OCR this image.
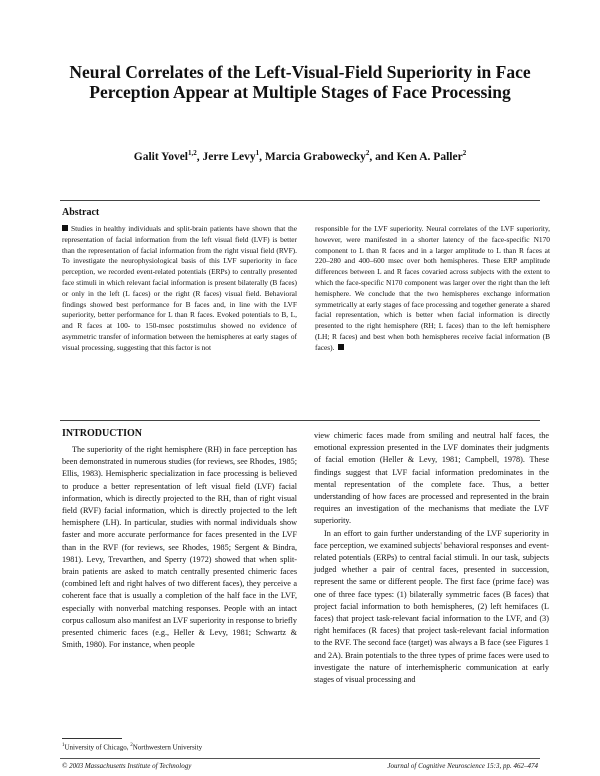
Neural Correlates of the Left-Visual-Field Superiority in Face Perception Appear at Multiple Stages of Face Processing
Galit Yovel$^{1,2}$, Jerre Levy$^1$, Marcia Grabowecky$^2$, and Ken A. Paller$^2$
Abstract
Studies in healthy individuals and split-brain patients have shown that the representation of facial information from the left visual field (LVF) is better than the representation of facial information from the right visual field (RVF). To investigate the neurophysiological basis of this LVF superiority in face perception, we recorded event-related potentials (ERPs) to centrally presented face stimuli in which relevant facial information is present bilaterally (B faces) or only in the left (L faces) or the right (R faces) visual field. Behavioral findings showed best performance for B faces and, in line with the LVF superiority, better performance for L than R faces. Evoked potentials to B, L, and R faces at 100- to 150-msec poststimulus showed no evidence of asymmetric transfer of information between the hemispheres at early stages of visual processing, suggesting that this factor is not
responsible for the LVF superiority. Neural correlates of the LVF superiority, however, were manifested in a shorter latency of the face-specific N170 component to L than R faces and in a larger amplitude to L than R faces at 220–280 and 400–600 msec over both hemispheres. These ERP amplitude differences between L and R faces covaried across subjects with the extent to which the face-specific N170 component was larger over the right than the left hemisphere. We conclude that the two hemispheres exchange information symmetrically at early stages of face processing and together generate a shared facial representation, which is better when facial information is directly presented to the right hemisphere (RH; L faces) than to the left hemisphere (LH; R faces) and best when both hemispheres receive facial information (B faces).
INTRODUCTION

The superiority of the right hemisphere (RH) in face perception has been demonstrated in numerous studies (for reviews, see Rhodes, 1985; Ellis, 1983). Hemispheric specialization in face processing is believed to produce a better representation of left visual field (LVF) facial information, which is directly projected to the RH, than of right visual field (RVF) facial information, which is directly projected to the left hemisphere (LH). In particular, studies with normal individuals show faster and more accurate performance for faces presented in the LVF than in the RVF (for reviews, see Rhodes, 1985; Sergent & Bindra, 1981). Levy, Trevarthen, and Sperry (1972) showed that when split-brain patients are asked to match centrally presented chimeric faces (combined left and right halves of two different faces), they perceive a coherent face that is usually a completion of the half face in the LVF, especially with nonverbal matching responses. People with an intact corpus callosum also manifest an LVF superiority in response to briefly presented chimeric faces (e.g., Heller & Levy, 1981; Schwartz & Smith, 1980). For instance, when people

view chimeric faces made from smiling and neutral half faces, the emotional expression presented in the LVF dominates their judgments of facial emotion (Heller & Levy, 1981; Campbell, 1978). These findings suggest that LVF facial information predominates in the mental representation of the complete face. Thus, a better understanding of how faces are processed and represented in the brain requires an investigation of the mechanisms that mediate the LVF superiority.

In an effort to gain further understanding of the LVF superiority in face perception, we examined subjects' behavioral responses and event-related potentials (ERPs) to central facial stimuli. In our task, subjects judged whether a pair of central faces, presented in succession, represent the same or different people. The first face (prime face) was one of three face types: (1) bilaterally symmetric faces (B faces) that project facial information to both hemispheres, (2) left hemifaces (L faces) that project task-relevant facial information to the LVF, and (3) right hemifaces (R faces) that project task-relevant facial information to the RVF. The second face (target) was always a B face (see Figures 1 and 2A). Brain potentials to the three types of prime faces were used to investigate the nature of interhemispheric communication at early stages of visual processing and

$^1$University of Chicago, $^2$Northwestern University
© 2003 Massachusetts Institute of Technology	Journal of Cognitive Neuroscience 15:3, pp. 462–474
